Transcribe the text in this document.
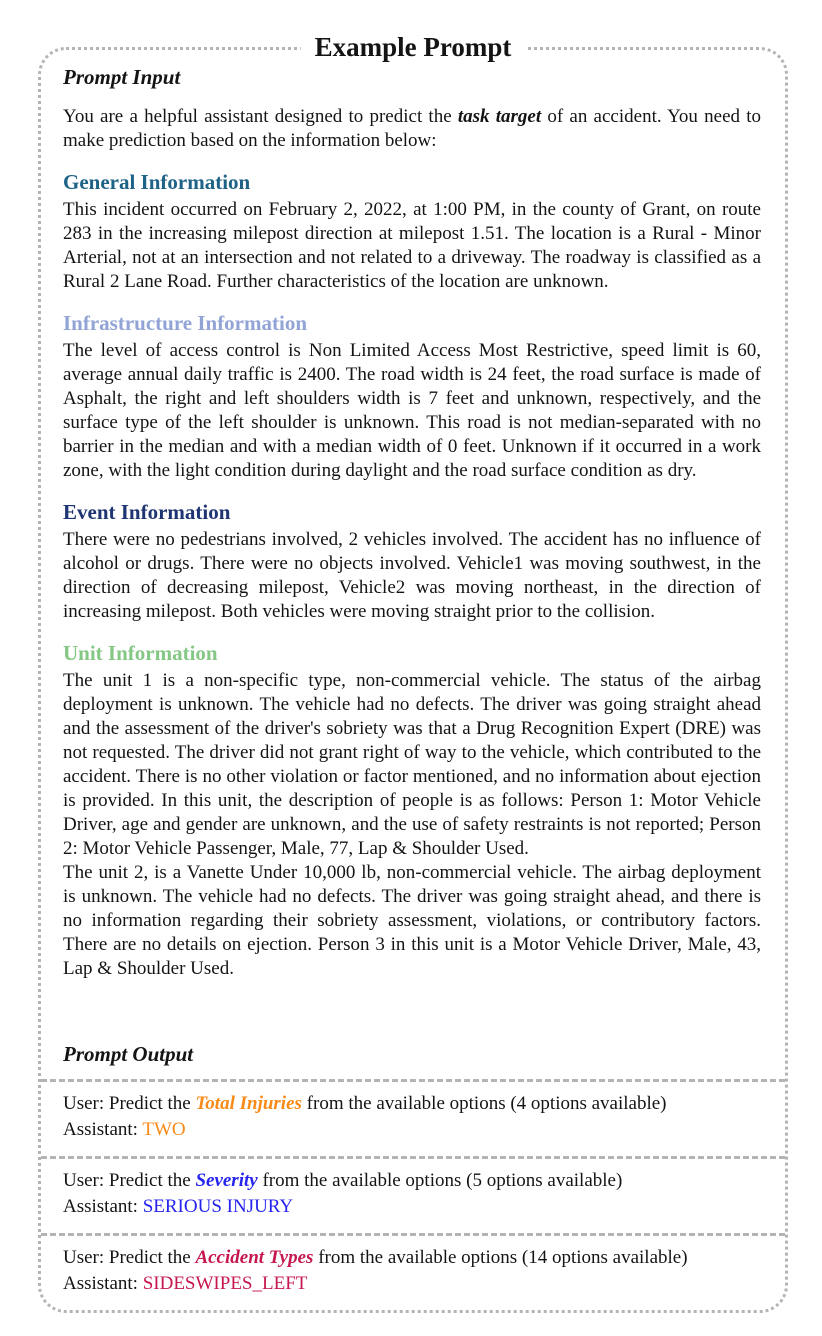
Example Prompt
Prompt Input

You are a helpful assistant designed to predict the task target of an accident. You need to make prediction based on the information below:

General Information

This incident occurred on February 2, 2022, at 1:00 PM, in the county of Grant, on route 283 in the increasing milepost direction at milepost 1.51. The location is a Rural - Minor Arterial, not at an intersection and not related to a driveway. The roadway is classified as a Rural 2 Lane Road. Further characteristics of the location are unknown.

Infrastructure Information

The level of access control is Non Limited Access Most Restrictive, speed limit is 60, average annual daily traffic is 2400. The road width is 24 feet, the road surface is made of Asphalt, the right and left shoulders width is 7 feet and unknown, respectively, and the surface type of the left shoulder is unknown. This road is not median-separated with no barrier in the median and with a median width of 0 feet. Unknown if it occurred in a work zone, with the light condition during daylight and the road surface condition as dry.

Event Information

There were no pedestrians involved, 2 vehicles involved. The accident has no influence of alcohol or drugs. There were no objects involved. Vehicle1 was moving southwest, in the direction of decreasing milepost, Vehicle2 was moving northeast, in the direction of increasing milepost. Both vehicles were moving straight prior to the collision.

Unit Information

The unit 1 is a non-specific type, non-commercial vehicle. The status of the airbag deployment is unknown. The vehicle had no defects. The driver was going straight ahead and the assessment of the driver's sobriety was that a Drug Recognition Expert (DRE) was not requested. The driver did not grant right of way to the vehicle, which contributed to the accident. There is no other violation or factor mentioned, and no information about ejection is provided. In this unit, the description of people is as follows: Person 1: Motor Vehicle Driver, age and gender are unknown, and the use of safety restraints is not reported; Person 2: Motor Vehicle Passenger, Male, 77, Lap & Shoulder Used.

The unit 2, is a Vanette Under 10,000 lb, non-commercial vehicle. The airbag deployment is unknown. The vehicle had no defects. The driver was going straight ahead, and there is no information regarding their sobriety assessment, violations, or contributory factors. There are no details on ejection. Person 3 in this unit is a Motor Vehicle Driver, Male, 43, Lap & Shoulder Used.

Prompt Output
User: Predict the Total Injuries from the available options (4 options available)
Assistant: TWO
User: Predict the Severity from the available options (5 options available)
Assistant: SERIOUS INJURY
User: Predict the Accident Types from the available options (14 options available)
Assistant: SIDESWIPES_LEFT
